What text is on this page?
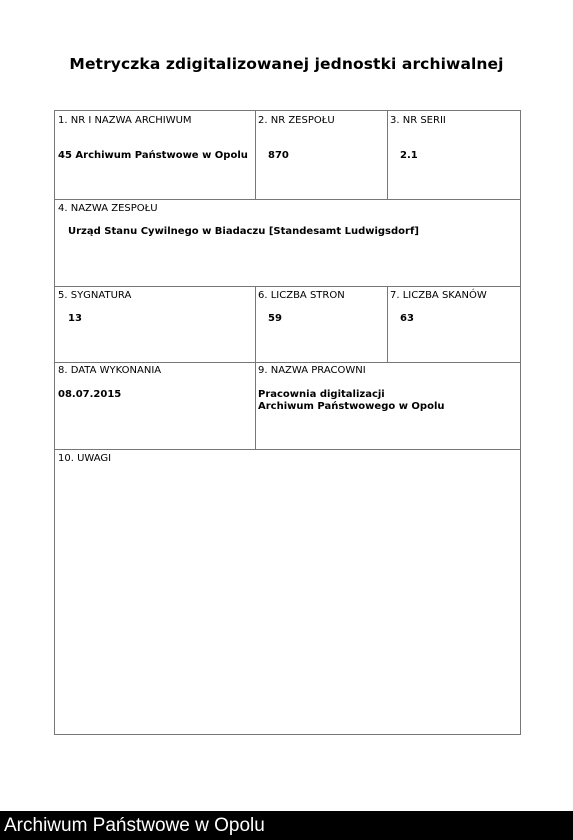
Metryczka zdigitalizowanej jednostki archiwalnej
1. NR I NAZWA ARCHIWUM
45 Archiwum Państwowe w Opolu
2. NR ZESPOŁU
870
3. NR SERII
2.1
4. NAZWA ZESPOŁU
Urząd Stanu Cywilnego w Biadaczu [Standesamt Ludwigsdorf]
5. SYGNATURA
13
6. LICZBA STRON
59
7. LICZBA SKANÓW
63
8. DATA WYKONANIA
08.07.2015
9. NAZWA PRACOWNI
Pracownia digitalizacji
Archiwum Państwowego w Opolu
10. UWAGI
Archiwum Państwowe w Opolu
